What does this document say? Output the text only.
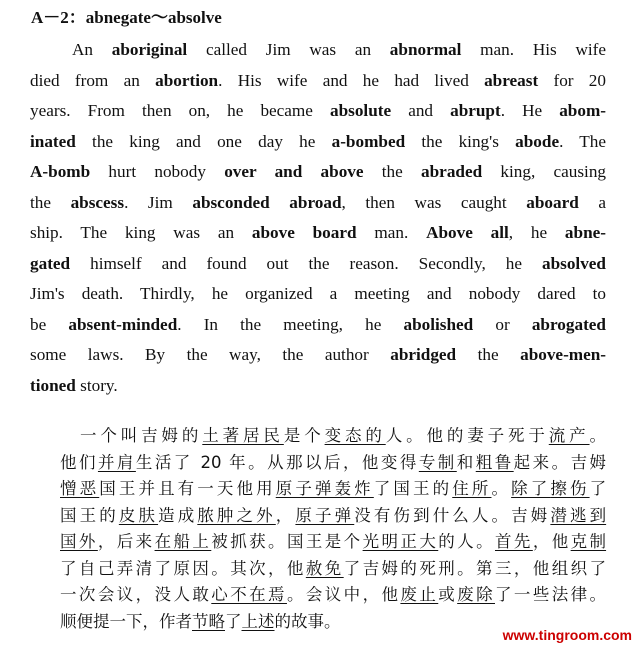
A－2：abnegate～absolve
An aboriginal called Jim was an abnormal man. His wife
died from an abortion. His wife and he had lived abreast for 20
years. From then on, he became absolute and abrupt. He abom-
inated the king and one day he a-bombed the king's abode. The
A-bomb hurt nobody over and above the abraded king, causing
the abscess. Jim absconded abroad, then was caught aboard a
ship. The king was an above board man. Above all, he abne-
gated himself and found out the reason. Secondly, he absolved
Jim's death. Thirdly, he organized a meeting and nobody dared to
be absent-minded. In the meeting, he abolished or abrogated
some laws. By the way, the author abridged the above-men-
tioned story.
一个叫吉姆的土著居民是个变态的人。他的妻子死于流产。
他们并肩生活了 20 年。从那以后，他变得专制和粗鲁起来。吉姆
憎恶国王并且有一天他用原子弹轰炸了国王的住所。除了擦伤了
国王的皮肤造成脓肿之外，原子弹没有伤到什么人。吉姆潜逃到
国外，后来在船上被抓获。国王是个光明正大的人。首先，他克制
了自己弄清了原因。其次，他赦免了吉姆的死刑。第三，他组织了
一次会议，没人敢心不在焉。会议中，他废止或废除了一些法律。
顺便提一下，作者节略了上述的故事。
www.tingroom.com
